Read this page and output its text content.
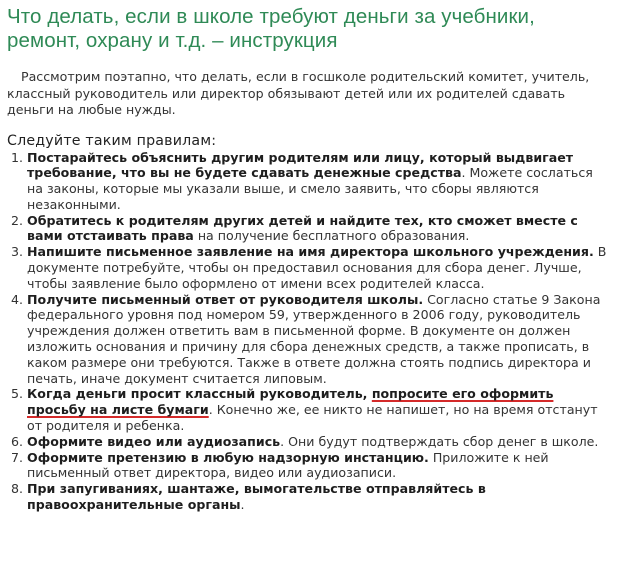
Что делать, если в школе требуют деньги за учебники, ремонт, охрану и т.д. – инструкция

Рассмотрим поэтапно, что делать, если в госшколе родительский комитет, учитель, классный руководитель или директор обязывают детей или их родителей сдавать деньги на любые нужды.

Следуйте таким правилам:
1. Постарайтесь объяснить другим родителям или лицу, который выдвигает требование, что вы не будете сдавать денежные средства. Можете сослаться на законы, которые мы указали выше, и смело заявить, что сборы являются незаконными.
2. Обратитесь к родителям других детей и найдите тех, кто сможет вместе с вами отстаивать права на получение бесплатного образования.
3. Напишите письменное заявление на имя директора школьного учреждения. В документе потребуйте, чтобы он предоставил основания для сбора денег. Лучше, чтобы заявление было оформлено от имени всех родителей класса.
4. Получите письменный ответ от руководителя школы. Согласно статье 9 Закона федерального уровня под номером 59, утвержденного в 2006 году, руководитель учреждения должен ответить вам в письменной форме. В документе он должен изложить основания и причину для сбора денежных средств, а также прописать, в каком размере они требуются. Также в ответе должна стоять подпись директора и печать, иначе документ считается липовым.
5. Когда деньги просит классный руководитель, попросите его оформить просьбу на листе бумаги. Конечно же, ее никто не напишет, но на время отстанут от родителя и ребенка.
6. Оформите видео или аудиозапись. Они будут подтверждать сбор денег в школе.
7. Оформите претензию в любую надзорную инстанцию. Приложите к ней письменный ответ директора, видео или аудиозаписи.
8. При запугиваниях, шантаже, вымогательстве отправляйтесь в правоохранительные органы.
